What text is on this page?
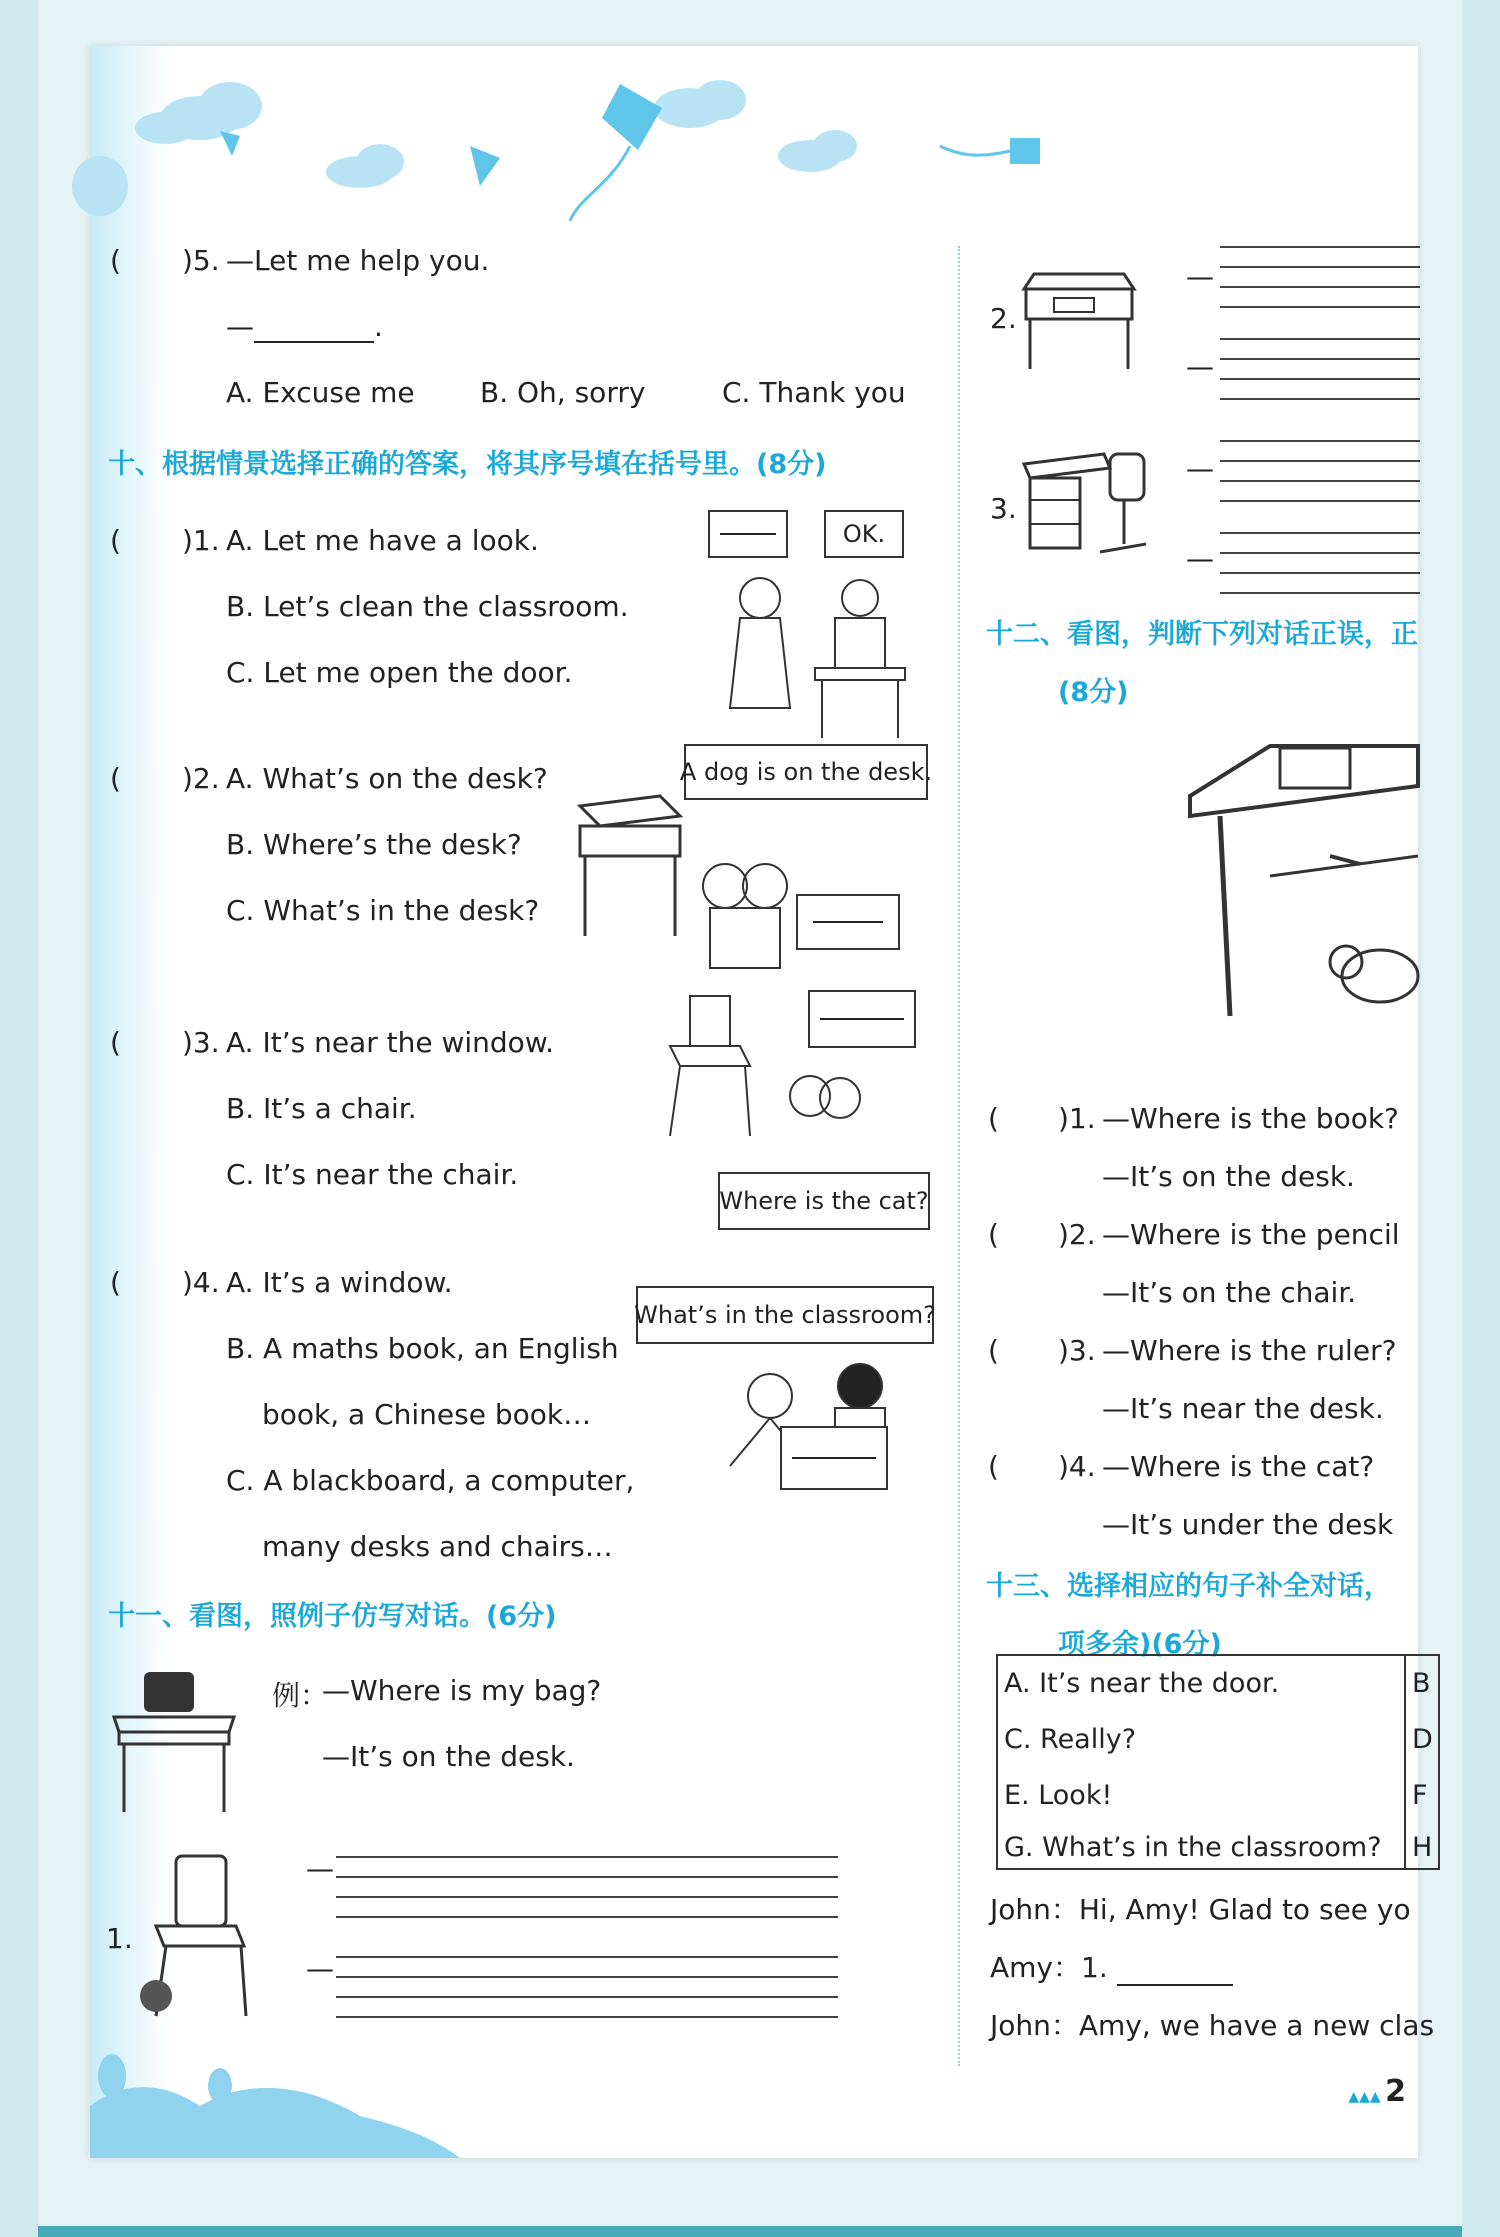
( )5. —Let me help you.
—	.
A. Excuse me B. Oh, sorry	C. Thank you
十、根据情景选择正确的答案，将其序号填在括号里。(8分)
( )1. A. Let me have a look.
B. Let’s clean the classroom.
C. Let me open the door.
OK.
( )2. A. What’s on the desk?
B. Where’s the desk?
C. What’s in the desk?
A dog is on the desk.
( )3. A. It’s near the window.
B. It’s a chair.
C. It’s near the chair.
Where is the cat?
( )4. A. It’s a window.
B. A maths book, an English
book, a Chinese book…
C. A blackboard, a computer,
many desks and chairs…
What’s in the classroom?
十一、看图，照例子仿写对话。(6分)
例：
—Where is my bag?
—It’s on the desk.
1.
—
—
2.
3.
—
—
—
—
十二、看图，判断下列对话正误，正
(8分)
( )1. —Where is the book?
—It’s on the desk.
( )2. —Where is the pencil
—It’s on the chair.
( )3. —Where is the ruler?
—It’s near the desk.
( )4. —Where is the cat?
—It’s under the desk
十三、选择相应的句子补全对话，
项多余)(6分)
A. It’s near the door.
C. Really?
E. Look!
G. What’s in the classroom?
B
D
F
H
John：Hi, Amy! Glad to see yo
Amy：1.
John：Amy, we have a new clas
▲▲▲ 2
